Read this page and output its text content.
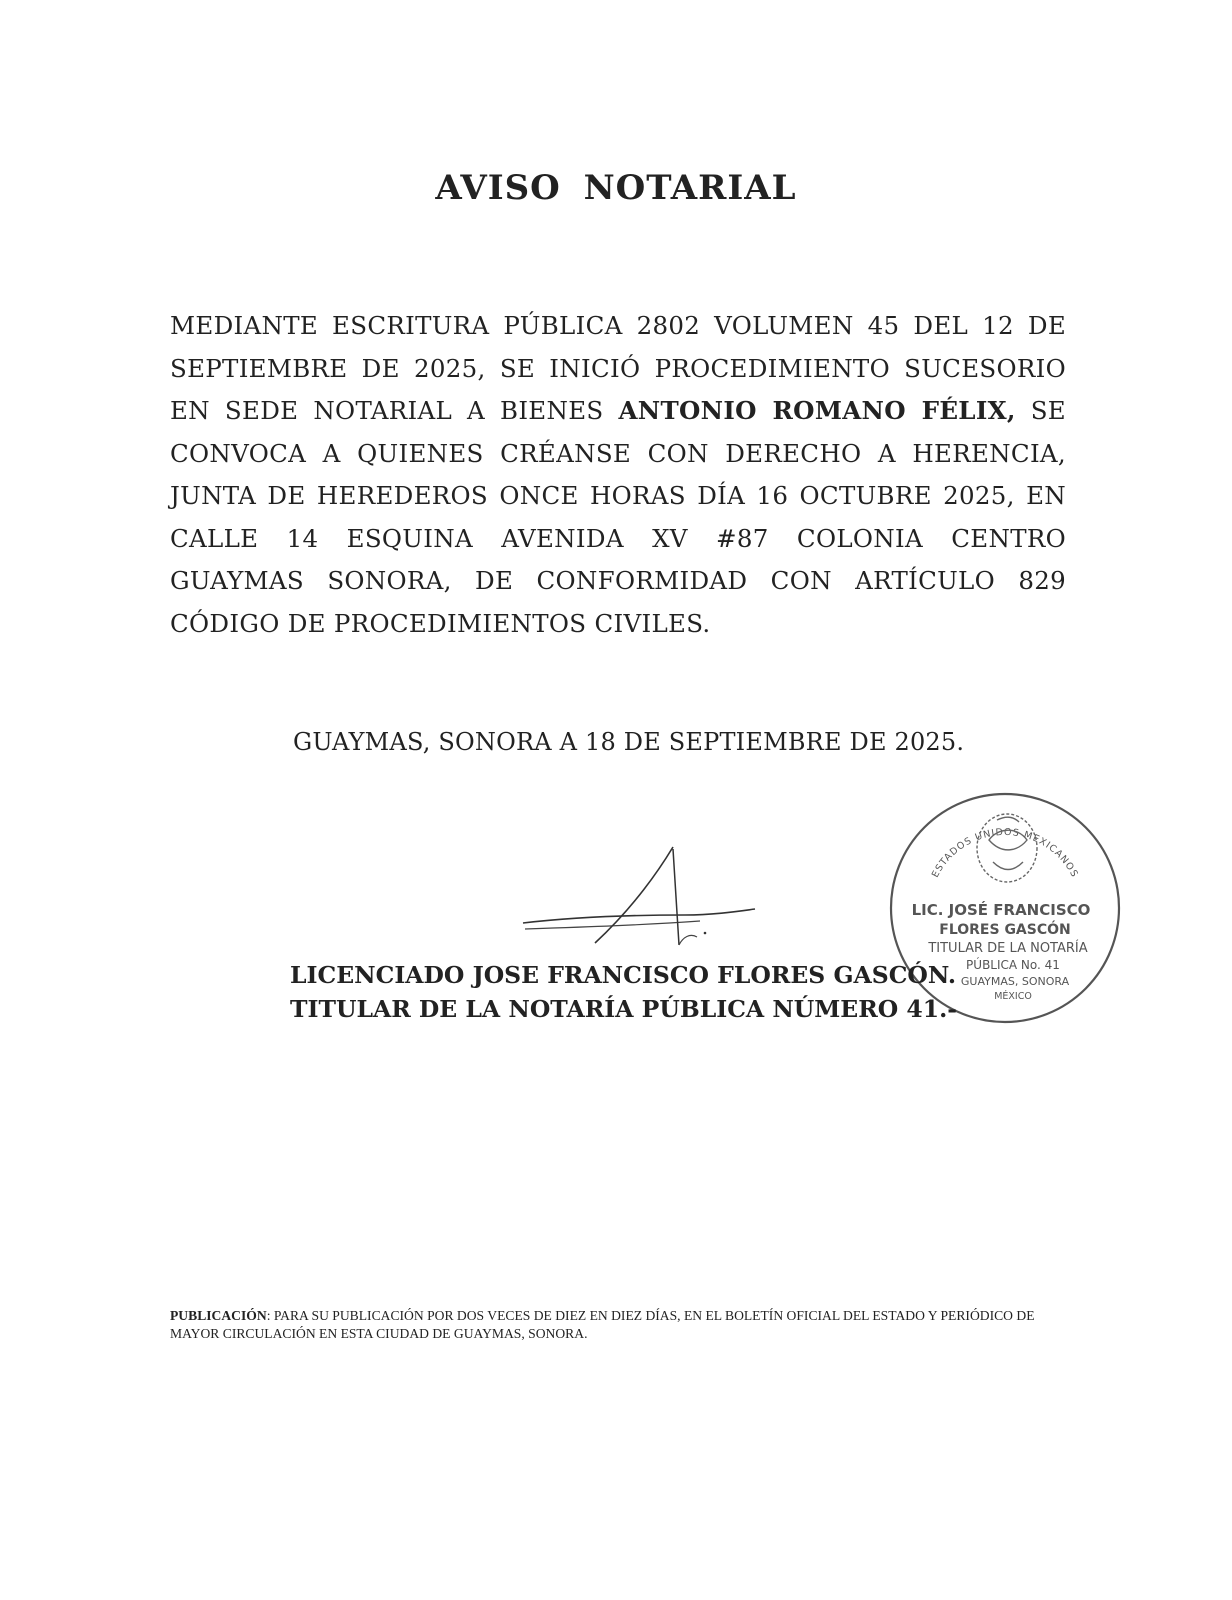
AVISO NOTARIAL
MEDIANTE ESCRITURA PÚBLICA 2802 VOLUMEN 45 DEL 12 DE SEPTIEMBRE DE 2025, SE INICIÓ PROCEDIMIENTO SUCESORIO EN SEDE NOTARIAL A BIENES ANTONIO ROMANO FÉLIX, SE CONVOCA A QUIENES CRÉANSE CON DERECHO A HERENCIA, JUNTA DE HEREDEROS ONCE HORAS DÍA 16 OCTUBRE 2025, EN CALLE 14 ESQUINA AVENIDA XV #87 COLONIA CENTRO GUAYMAS SONORA, DE CONFORMIDAD CON ARTÍCULO 829 CÓDIGO DE PROCEDIMIENTOS CIVILES.
GUAYMAS, SONORA A 18 DE SEPTIEMBRE DE 2025.
ESTADOS UNIDOS MEXICANOS
LIC. JOSÉ FRANCISCO
FLORES GASCÓN
TITULAR DE LA NOTARÍA
PÚBLICA No. 41
GUAYMAS, SONORA
MÉXICO
LICENCIADO JOSE FRANCISCO FLORES GASCÓN.
TITULAR DE LA NOTARÍA PÚBLICA NÚMERO 41.-
PUBLICACIÓN: PARA SU PUBLICACIÓN POR DOS VECES DE DIEZ EN DIEZ DÍAS, EN EL BOLETÍN OFICIAL DEL ESTADO Y PERIÓDICO DE MAYOR CIRCULACIÓN EN ESTA CIUDAD DE GUAYMAS, SONORA.
